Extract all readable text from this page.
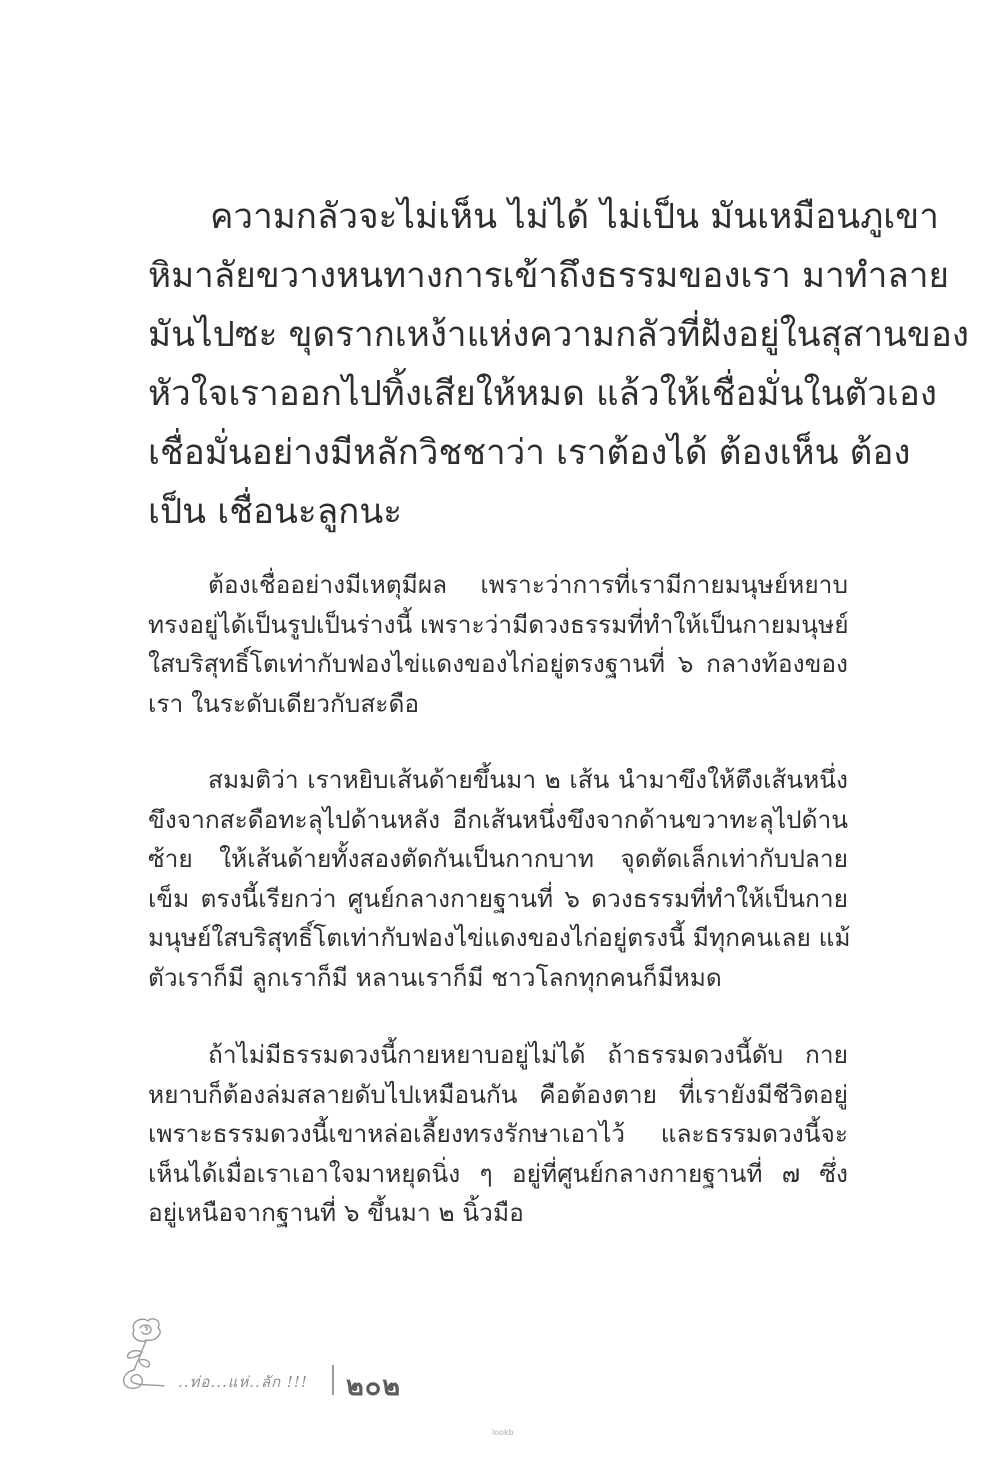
ความกลัวจะไม่เห็น ไม่ได้ ไม่เป็น มันเหมือนภูเขา
หิมาลัยขวางหนทางการเข้าถึงธรรมของเรา มาทำลาย
มันไปซะ ขุดรากเหง้าแห่งความกลัวที่ฝังอยู่ในสุสานของ
หัวใจเราออกไปทิ้งเสียให้หมด แล้วให้เชื่อมั่นในตัวเอง
เชื่อมั่นอย่างมีหลักวิชชาว่า เราต้องได้ ต้องเห็น ต้อง
เป็น เชื่อนะลูกนะ
ต้องเชื่ออย่างมีเหตุมีผล เพราะว่าการที่เรามีกายมนุษย์หยาบ
ทรงอยู่ได้เป็นรูปเป็นร่างนี้ เพราะว่ามีดวงธรรมที่ทำให้เป็นกายมนุษย์
ใสบริสุทธิ์โตเท่ากับฟองไข่แดงของไก่อยู่ตรงฐานที่ ๖ กลางท้องของ
เรา ในระดับเดียวกับสะดือ
สมมติว่า เราหยิบเส้นด้ายขึ้นมา ๒ เส้น นำมาขึงให้ตึงเส้นหนึ่ง
ขึงจากสะดือทะลุไปด้านหลัง อีกเส้นหนึ่งขึงจากด้านขวาทะลุไปด้าน
ซ้าย ให้เส้นด้ายทั้งสองตัดกันเป็นกากบาท จุดตัดเล็กเท่ากับปลาย
เข็ม ตรงนี้เรียกว่า ศูนย์กลางกายฐานที่ ๖ ดวงธรรมที่ทำให้เป็นกาย
มนุษย์ใสบริสุทธิ์โตเท่ากับฟองไข่แดงของไก่อยู่ตรงนี้ มีทุกคนเลย แม้
ตัวเราก็มี ลูกเราก็มี หลานเราก็มี ชาวโลกทุกคนก็มีหมด
ถ้าไม่มีธรรมดวงนี้กายหยาบอยู่ไม่ได้ ถ้าธรรมดวงนี้ดับ กาย
หยาบก็ต้องล่มสลายดับไปเหมือนกัน คือต้องตาย ที่เรายังมีชีวิตอยู่
เพราะธรรมดวงนี้เขาหล่อเลี้ยงทรงรักษาเอาไว้ และธรรมดวงนี้จะ
เห็นได้เมื่อเราเอาใจมาหยุดนิ่ง ๆ อยู่ที่ศูนย์กลางกายฐานที่ ๗ ซึ่ง
อยู่เหนือจากฐานที่ ๖ ขึ้นมา ๒ นิ้วมือ
..ท่อ...แห่..ลัก !!! ๒๐๒
lookb
